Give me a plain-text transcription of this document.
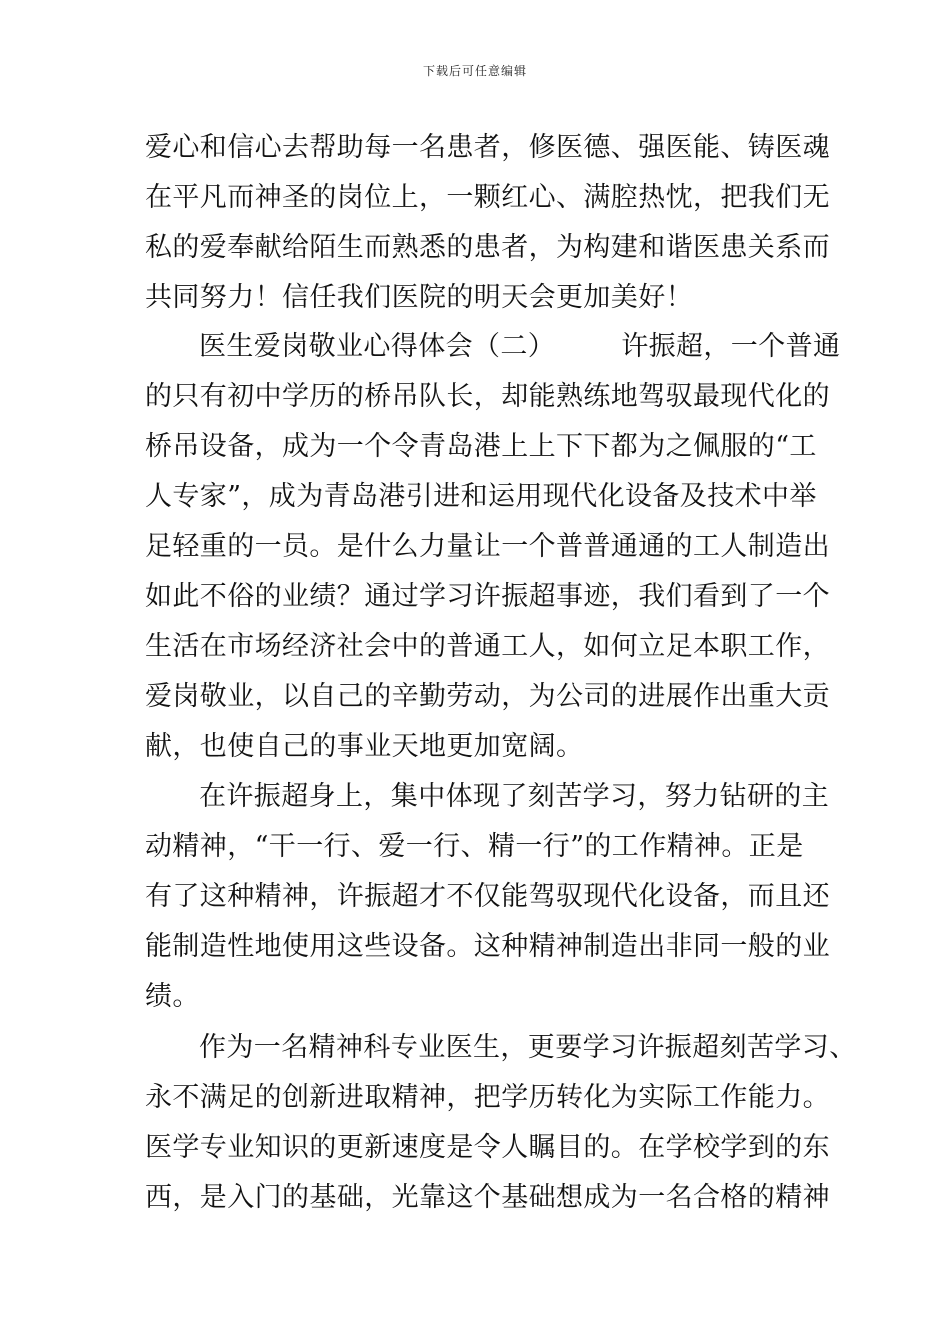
下载后可任意编辑
爱心和信心去帮助每一名患者，修医德、强医能、铸医魂
在平凡而神圣的岗位上，一颗红心、满腔热忱，把我们无
私的爱奉献给陌生而熟悉的患者，为构建和谐医患关系而
共同努力！信任我们医院的明天会更加美好！
医生爱岗敬业心得体会（二） 许振超，一个普通
的只有初中学历的桥吊队长，却能熟练地驾驭最现代化的
桥吊设备，成为一个令青岛港上上下下都为之佩服的“工
人专家”，成为青岛港引进和运用现代化设备及技术中举
足轻重的一员。是什么力量让一个普普通通的工人制造出
如此不俗的业绩？通过学习许振超事迹，我们看到了一个
生活在市场经济社会中的普通工人，如何立足本职工作，
爱岗敬业，以自己的辛勤劳动，为公司的进展作出重大贡
献，也使自己的事业天地更加宽阔。
在许振超身上，集中体现了刻苦学习，努力钻研的主
动精神，“干一行、爱一行、精一行”的工作精神。正是
有了这种精神，许振超才不仅能驾驭现代化设备，而且还
能制造性地使用这些设备。这种精神制造出非同一般的业
绩。
作为一名精神科专业医生，更要学习许振超刻苦学习、
永不满足的创新进取精神，把学历转化为实际工作能力。
医学专业知识的更新速度是令人瞩目的。在学校学到的东
西，是入门的基础，光靠这个基础想成为一名合格的精神
